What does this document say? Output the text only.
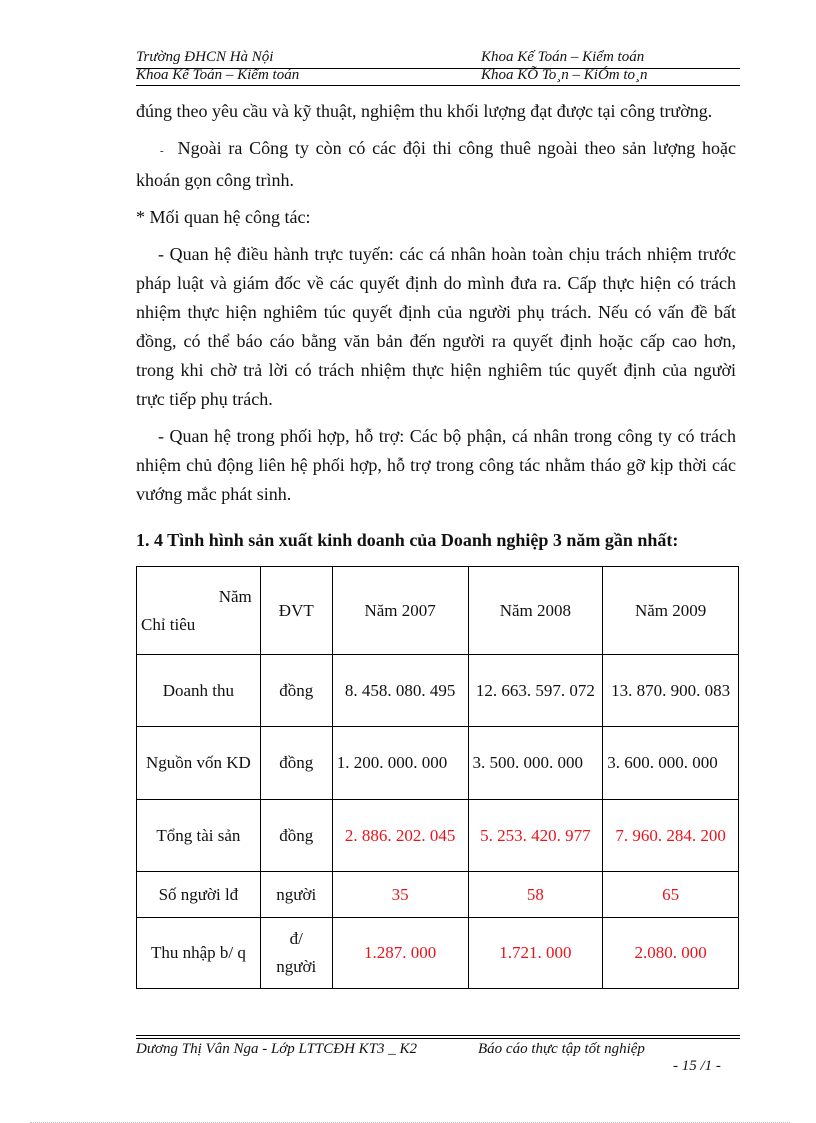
Trường ĐHCN Hà Nội	Khoa Kế Toán – Kiểm toán
Khoa Kế Toán – Kiểm toán	Khoa KÕ To¸n – KiÓm to¸n

đúng theo yêu cầu và kỹ thuật, nghiệm thu khối lượng đạt được tại công trường.

- Ngoài ra Công ty còn có các đội thi công thuê ngoài theo sản lượng hoặc khoán gọn công trình.

* Mối quan hệ công tác:

- Quan hệ điều hành trực tuyến: các cá nhân hoàn toàn chịu trách nhiệm trước pháp luật và giám đốc về các quyết định do mình đưa ra. Cấp thực hiện có trách nhiệm thực hiện nghiêm túc quyết định của người phụ trách. Nếu có vấn đề bất đồng, có thể báo cáo bằng văn bản đến người ra quyết định hoặc cấp cao hơn, trong khi chờ trả lời có trách nhiệm thực hiện nghiêm túc quyết định của người trực tiếp phụ trách.

- Quan hệ trong phối hợp, hỗ trợ: Các bộ phận, cá nhân trong công ty có trách nhiệm chủ động liên hệ phối hợp, hỗ trợ trong công tác nhằm tháo gỡ kịp thời các vướng mắc phát sinh.

1. 4 Tình hình sản xuất kinh doanh của Doanh nghiệp 3 năm gần nhất:
Năm
Chỉ tiêu	ĐVT	Năm 2007	Năm 2008	Năm 2009
Doanh thu	đồng	8. 458. 080. 495	12. 663. 597. 072	13. 870. 900. 083
Nguồn vốn KD	đồng	1. 200. 000. 000	3. 500. 000. 000	3. 600. 000. 000
Tổng tài sản	đồng	2. 886. 202. 045	5. 253. 420. 977	7. 960. 284. 200
Số người lđ	người	35	58	65
Thu nhập b/ q	đ/ người	1.287. 000	1.721. 000	2.080. 000
Dương Thị Vân Nga - Lớp LTTCĐH KT3 _ K2	Báo cáo thực tập tốt nghiệp
- 15 /1 -
